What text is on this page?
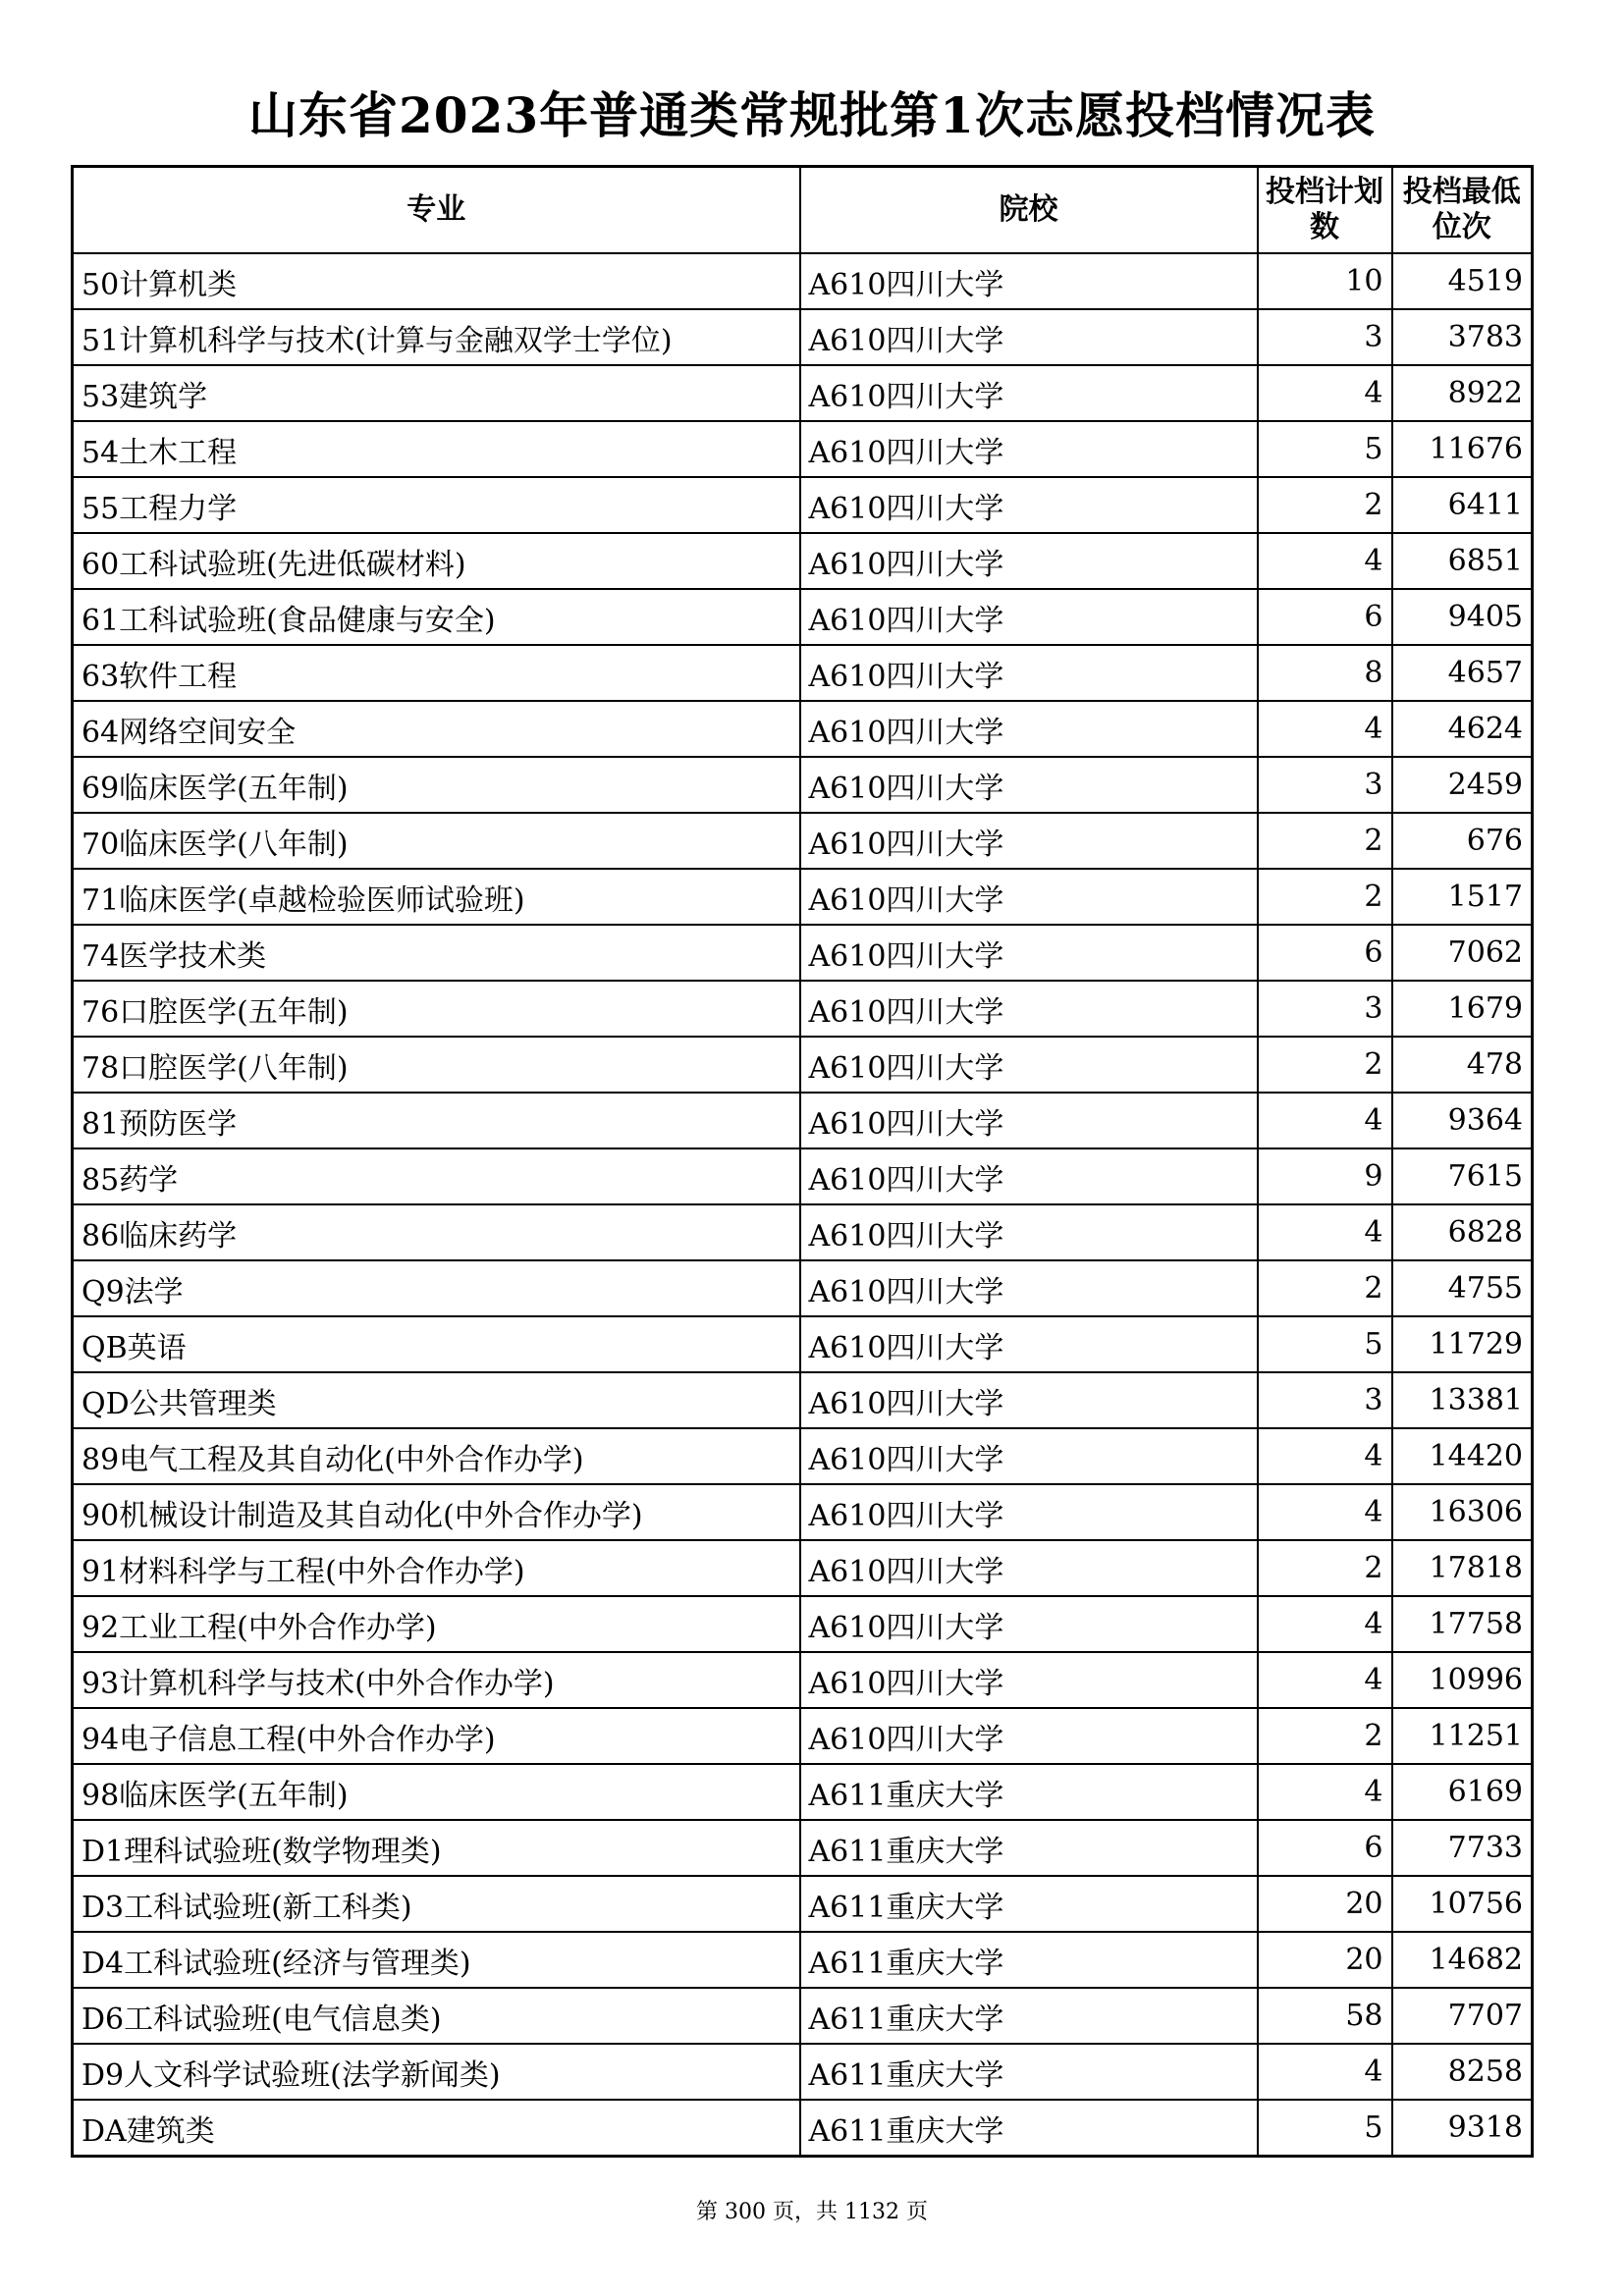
山东省2023年普通类常规批第1次志愿投档情况表
专业	院校	投档计划数	投档最低位次
50计算机类	A610四川大学	10	4519
51计算机科学与技术(计算与金融双学士学位)	A610四川大学	3	3783
53建筑学	A610四川大学	4	8922
54土木工程	A610四川大学	5	11676
55工程力学	A610四川大学	2	6411
60工科试验班(先进低碳材料)	A610四川大学	4	6851
61工科试验班(食品健康与安全)	A610四川大学	6	9405
63软件工程	A610四川大学	8	4657
64网络空间安全	A610四川大学	4	4624
69临床医学(五年制)	A610四川大学	3	2459
70临床医学(八年制)	A610四川大学	2	676
71临床医学(卓越检验医师试验班)	A610四川大学	2	1517
74医学技术类	A610四川大学	6	7062
76口腔医学(五年制)	A610四川大学	3	1679
78口腔医学(八年制)	A610四川大学	2	478
81预防医学	A610四川大学	4	9364
85药学	A610四川大学	9	7615
86临床药学	A610四川大学	4	6828
Q9法学	A610四川大学	2	4755
QB英语	A610四川大学	5	11729
QD公共管理类	A610四川大学	3	13381
89电气工程及其自动化(中外合作办学)	A610四川大学	4	14420
90机械设计制造及其自动化(中外合作办学)	A610四川大学	4	16306
91材料科学与工程(中外合作办学)	A610四川大学	2	17818
92工业工程(中外合作办学)	A610四川大学	4	17758
93计算机科学与技术(中外合作办学)	A610四川大学	4	10996
94电子信息工程(中外合作办学)	A610四川大学	2	11251
98临床医学(五年制)	A611重庆大学	4	6169
D1理科试验班(数学物理类)	A611重庆大学	6	7733
D3工科试验班(新工科类)	A611重庆大学	20	10756
D4工科试验班(经济与管理类)	A611重庆大学	20	14682
D6工科试验班(电气信息类)	A611重庆大学	58	7707
D9人文科学试验班(法学新闻类)	A611重庆大学	4	8258
DA建筑类	A611重庆大学	5	9318
第 300 页，共 1132 页
